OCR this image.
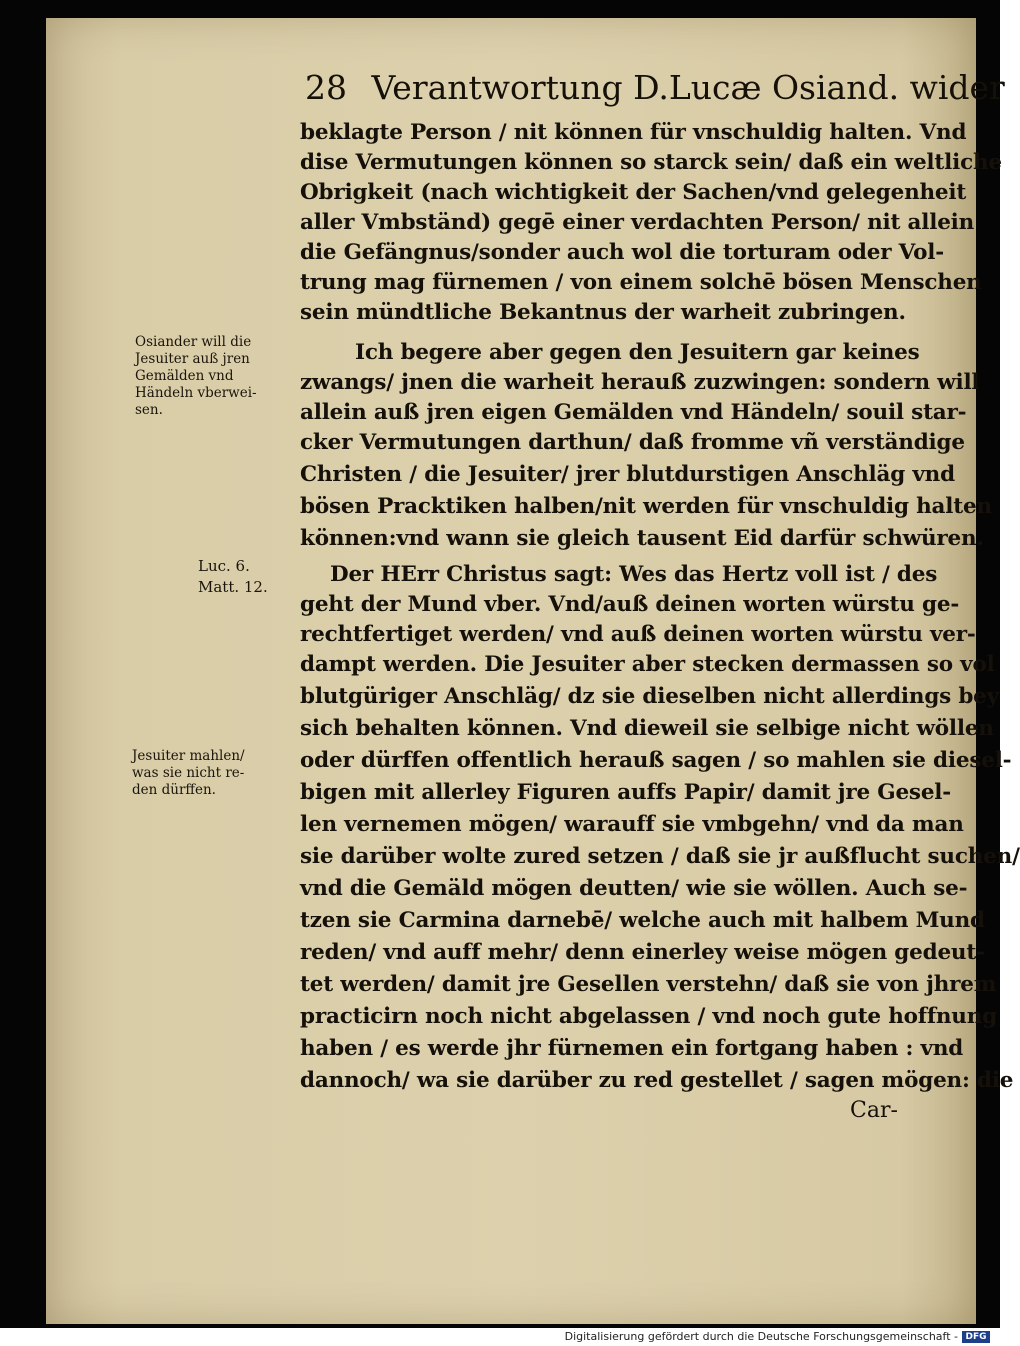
28 Verantwortung D.Lucæ Osiand. wider
beklagte Person / nit können für vnschuldig halten. Vnd
dise Vermutungen können so starck sein/ daß ein weltliche
Obrigkeit (nach wichtigkeit der Sachen/vnd gelegenheit
aller Vmbständ) gegē einer verdachten Person/ nit allein
die Gefängnus/sonder auch wol die torturam oder Vol-
trung mag fürnemen / von einem solchē bösen Menschen
sein mündtliche Bekantnus der warheit zubringen.
Ich begere aber gegen den Jesuitern gar keines
zwangs/ jnen die warheit herauß zuzwingen: sondern will
allein auß jren eigen Gemälden vnd Händeln/ souil star-
cker Vermutungen darthun/ daß fromme vñ verständige
Christen / die Jesuiter/ jrer blutdurstigen Anschläg vnd
bösen Pracktiken halben/nit werden für vnschuldig halten
können:vnd wann sie gleich tausent Eid darfür schwüren.
Der HErr Christus sagt: Wes das Hertz voll ist / des
geht der Mund vber. Vnd/auß deinen worten würstu ge-
rechtfertiget werden/ vnd auß deinen worten würstu ver-
dampt werden. Die Jesuiter aber stecken dermassen so vol
blutgüriger Anschläg/ dz sie dieselben nicht allerdings bey
sich behalten können. Vnd dieweil sie selbige nicht wöllen
oder dürffen offentlich herauß sagen / so mahlen sie diesel-
bigen mit allerley Figuren auffs Papir/ damit jre Gesel-
len vernemen mögen/ warauff sie vmbgehn/ vnd da man
sie darüber wolte zured setzen / daß sie jr außflucht suchen/
vnd die Gemäld mögen deutten/ wie sie wöllen. Auch se-
tzen sie Carmina darnebē/ welche auch mit halbem Mund
reden/ vnd auff mehr/ denn einerley weise mögen gedeut-
tet werden/ damit jre Gesellen verstehn/ daß sie von jhrem
practicirn noch nicht abgelassen / vnd noch gute hoffnung
haben / es werde jhr fürnemen ein fortgang haben : vnd
dannoch/ wa sie darüber zu red gestellet / sagen mögen: die
Osiander will die
Jesuiter auß jren
Gemälden vnd
Händeln vberwei-
sen.
Luc. 6.
Matt. 12.
Jesuiter mahlen/
was sie nicht re-
den dürffen.
Car-
Digitalisierung gefördert durch die Deutsche Forschungsgemeinschaft - DFG
